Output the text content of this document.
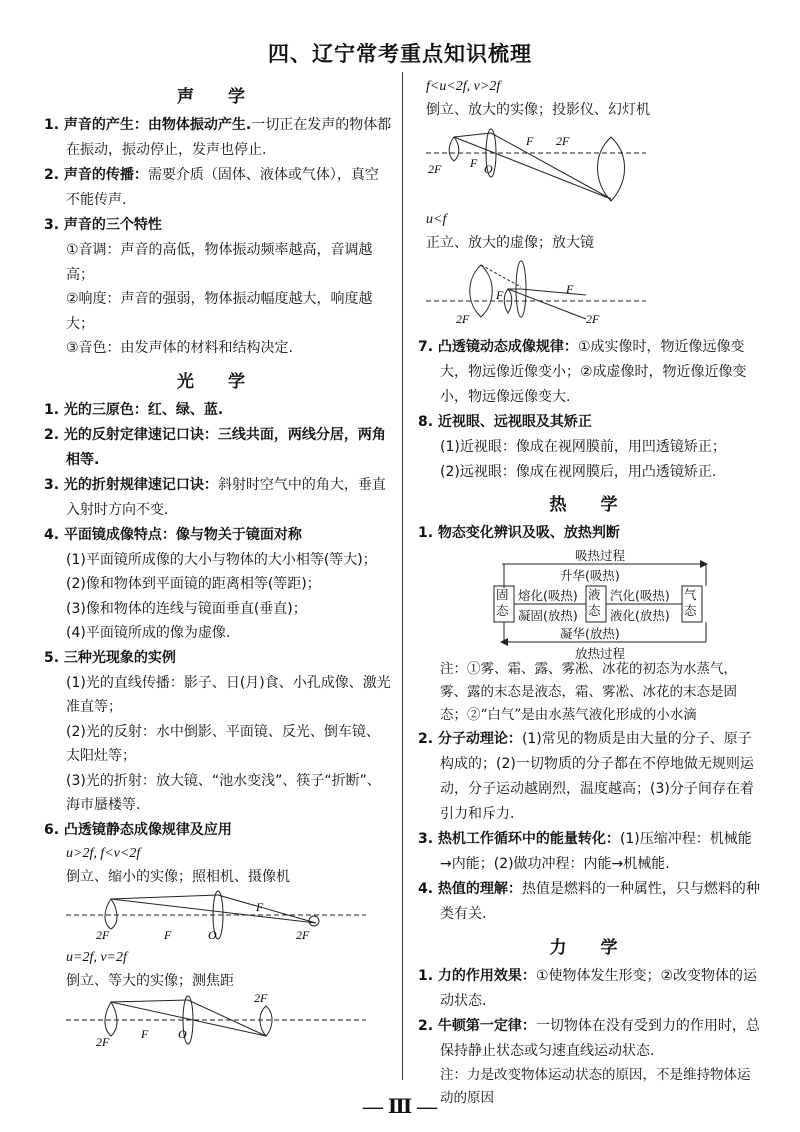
四、辽宁常考重点知识梳理
声 学

1. 声音的产生：由物体振动产生.一切正在发声的物体都在振动，振动停止，发声也停止.

2. 声音的传播：需要介质（固体、液体或气体），真空不能传声.

3. 声音的三个特性

①音调：声音的高低，物体振动频率越高，音调越高；
②响度：声音的强弱，物体振动幅度越大，响度越大；
③音色：由发声体的材料和结构决定.
光 学

1. 光的三原色：红、绿、蓝.

2. 光的反射定律速记口诀：三线共面，两线分居，两角相等.

3. 光的折射规律速记口诀：斜射时空气中的角大，垂直入射时方向不变.

4. 平面镜成像特点：像与物关于镜面对称

(1)平面镜所成像的大小与物体的大小相等(等大)；
(2)像和物体到平面镜的距离相等(等距)；
(3)像和物体的连线与镜面垂直(垂直)；
(4)平面镜所成的像为虚像.

5. 三种光现象的实例

(1)光的直线传播：影子、日(月)食、小孔成像、激光准直等；
(2)光的反射：水中倒影、平面镜、反光、倒车镜、太阳灶等；
(3)光的折射：放大镜、“池水变浅”、筷子“折断”、海市蜃楼等.

6. 凸透镜静态成像规律及应用

u>2f, f<v<2f
倒立、缩小的实像；照相机、摄像机
2F	F	O
F
2F
u=2f, v=2f
倒立、等大的实像；测焦距
2F
F O
2F
f<u<2f, v>2f
倒立、放大的实像；投影仪、幻灯机
2F F O
F 2F
u<f
正立、放大的虚像；放大镜
2F
F	F
2F

7. 凸透镜动态成像规律：①成实像时，物近像远像变大，物远像近像变小；②成虚像时，物近像近像变小，物远像远像变大.

8. 近视眼、远视眼及其矫正

(1)近视眼：像成在视网膜前，用凹透镜矫正；
(2)远视眼：像成在视网膜后，用凸透镜矫正.
热 学

1. 物态变化辨识及吸、放热判断

吸热过程
升华(吸热)
固态
液态
气态
熔化(吸热)
凝固(放热)
汽化(吸热)
液化(放热)
凝华(放热)
放热过程
注：①雾、霜、露、雾凇、冰花的初态为水蒸气，雾、露的末态是液态，霜、雾凇、冰花的末态是固态；②“白气”是由水蒸气液化形成的小水滴

2. 分子动理论：(1)常见的物质是由大量的分子、原子构成的；(2)一切物质的分子都在不停地做无规则运动，分子运动越剧烈，温度越高；(3)分子间存在着引力和斥力.

3. 热机工作循环中的能量转化：(1)压缩冲程：机械能→内能；(2)做功冲程：内能→机械能.

4. 热值的理解：热值是燃料的一种属性，只与燃料的种类有关.

力 学

1. 力的作用效果：①使物体发生形变；②改变物体的运动状态.

2. 牛顿第一定律：一切物体在没有受到力的作用时，总保持静止状态或匀速直线运动状态.

注：力是改变物体运动状态的原因，不是维持物体运动的原因
— Ⅲ —
